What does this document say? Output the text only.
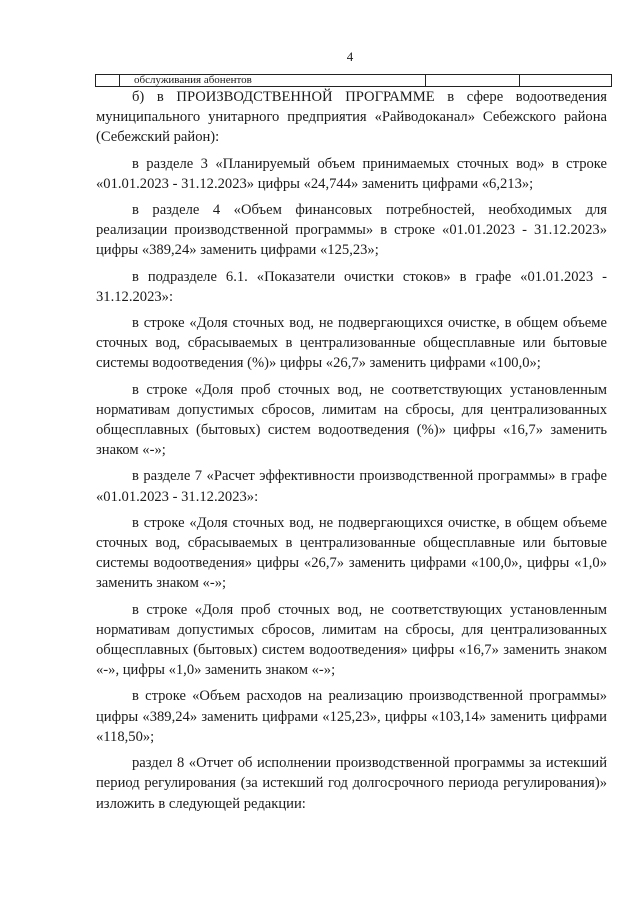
4
обслуживания абонентов

б) в ПРОИЗВОДСТВЕННОЙ ПРОГРАММЕ в сфере водоотведения муниципального унитарного предприятия «Райводоканал» Себежского района (Себежский район):

в разделе 3 «Планируемый объем принимаемых сточных вод» в строке «01.01.2023 - 31.12.2023» цифры «24,744» заменить цифрами «6,213»;

в разделе 4 «Объем финансовых потребностей, необходимых для реализации производственной программы» в строке «01.01.2023 - 31.12.2023» цифры «389,24» заменить цифрами «125,23»;

в подразделе 6.1. «Показатели очистки стоков» в графе «01.01.2023 - 31.12.2023»:

в строке «Доля сточных вод, не подвергающихся очистке, в общем объеме сточных вод, сбрасываемых в централизованные общесплавные или бытовые системы водоотведения (%)» цифры «26,7» заменить цифрами «100,0»;

в строке «Доля проб сточных вод, не соответствующих установленным нормативам допустимых сбросов, лимитам на сбросы, для централизованных общесплавных (бытовых) систем водоотведения (%)» цифры «16,7» заменить знаком «-»;

в разделе 7 «Расчет эффективности производственной программы» в графе «01.01.2023 - 31.12.2023»:

в строке «Доля сточных вод, не подвергающихся очистке, в общем объеме сточных вод, сбрасываемых в централизованные общесплавные или бытовые системы водоотведения» цифры «26,7» заменить цифрами «100,0», цифры «1,0» заменить знаком «-»;

в строке «Доля проб сточных вод, не соответствующих установленным нормативам допустимых сбросов, лимитам на сбросы, для централизованных общесплавных (бытовых) систем водоотведения» цифры «16,7» заменить знаком «-», цифры «1,0» заменить знаком «-»;

в строке «Объем расходов на реализацию производственной программы» цифры «389,24» заменить цифрами «125,23», цифры «103,14» заменить цифрами «118,50»;

раздел 8 «Отчет об исполнении производственной программы за истекший период регулирования (за истекший год долгосрочного периода регулирования)» изложить в следующей редакции:
